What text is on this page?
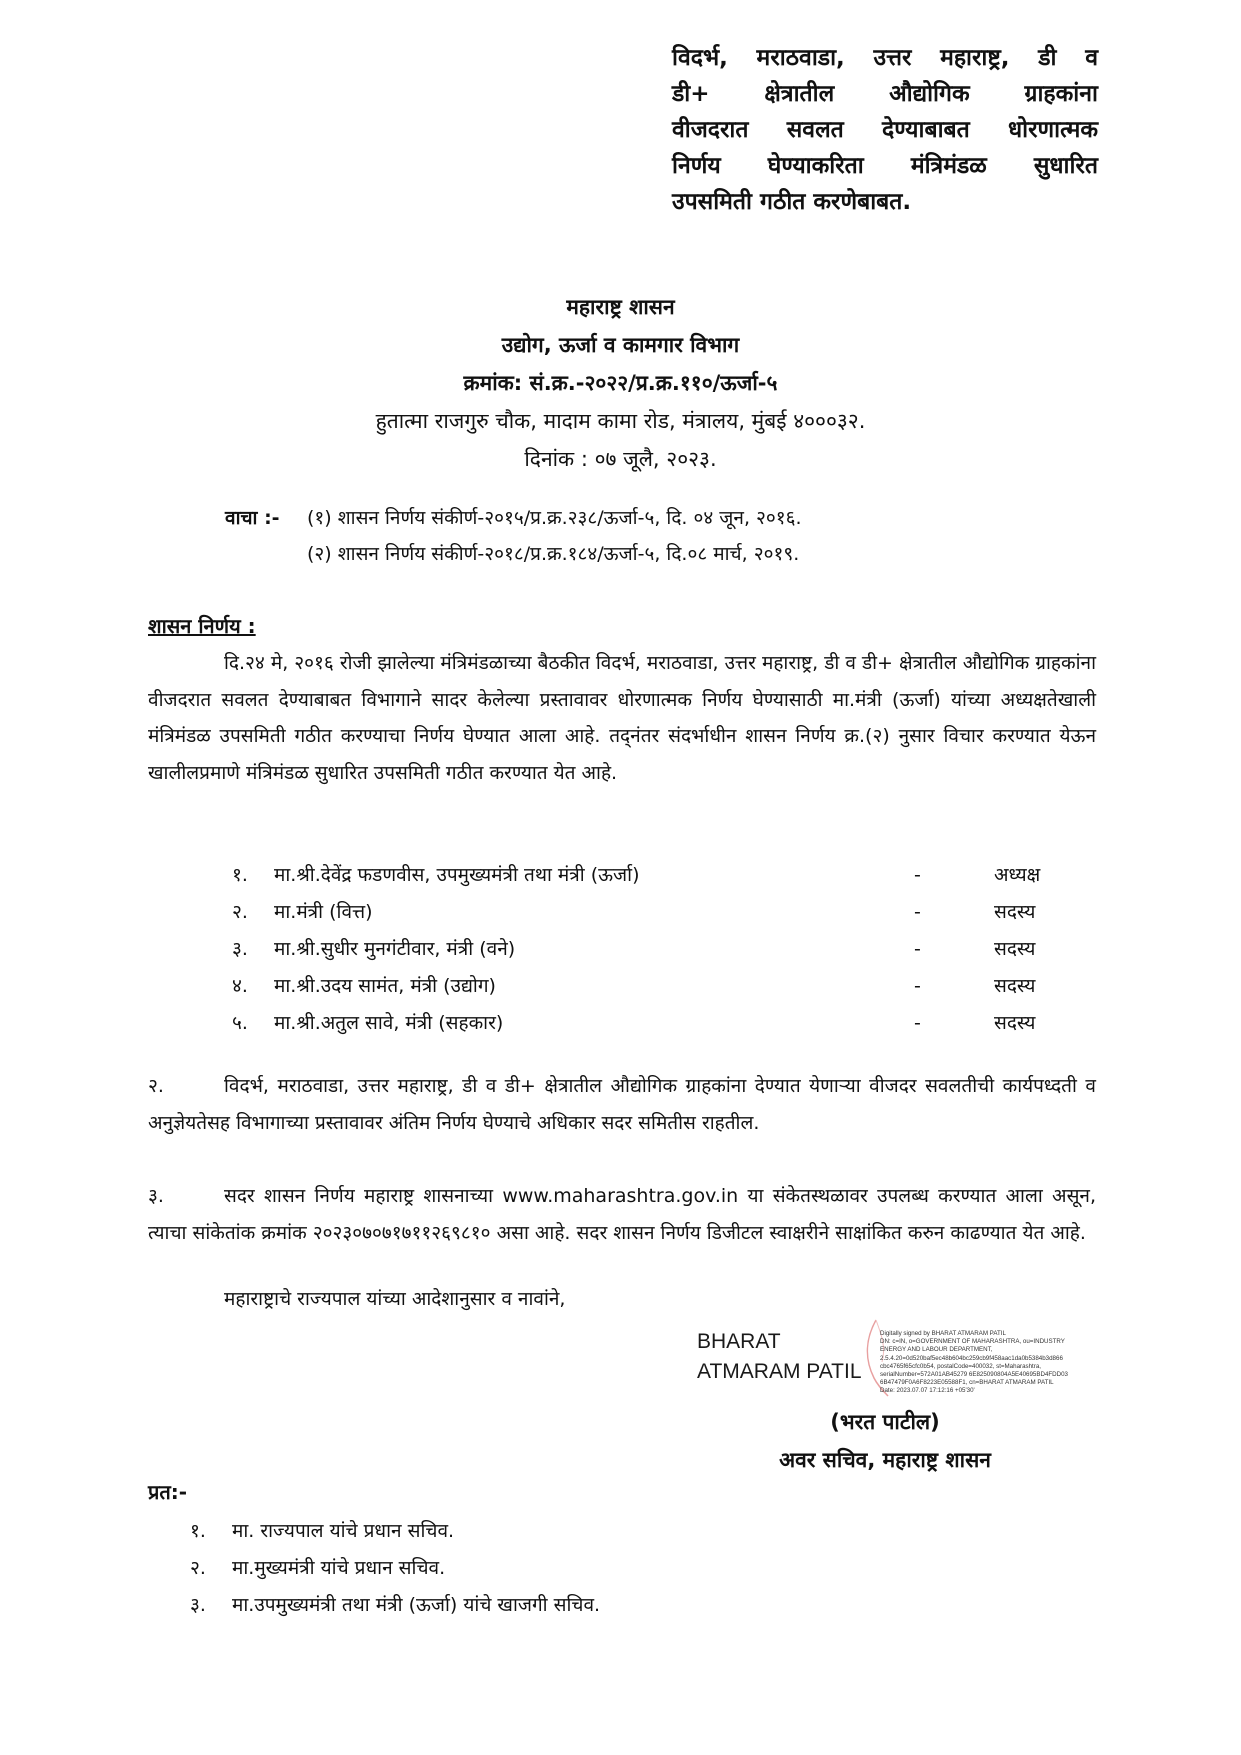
विदर्भ, मराठवाडा, उत्तर महाराष्ट्र, डी व
डी+ क्षेत्रातील औद्योगिक ग्राहकांना
वीजदरात सवलत देण्याबाबत धोरणात्मक
निर्णय घेण्याकरिता मंत्रिमंडळ सुधारित
उपसमिती गठीत करणेबाबत.
महाराष्ट्र शासन
उद्योग, ऊर्जा व कामगार विभाग
क्रमांक: सं.क्र.-२०२२/प्र.क्र.११०/ऊर्जा-५
हुतात्मा राजगुरु चौक, मादाम कामा रोड, मंत्रालय, मुंबई ४०००३२.
दिनांक : ०७ जूलै, २०२३.
वाचा :- (१) शासन निर्णय संकीर्ण-२०१५/प्र.क्र.२३८/ऊर्जा-५, दि. ०४ जून, २०१६.
(२) शासन निर्णय संकीर्ण-२०१८/प्र.क्र.१८४/ऊर्जा-५, दि.०८ मार्च, २०१९.
शासन निर्णय :
दि.२४ मे, २०१६ रोजी झालेल्या मंत्रिमंडळाच्या बैठकीत विदर्भ, मराठवाडा, उत्तर महाराष्ट्र, डी व डी+ क्षेत्रातील औद्योगिक ग्राहकांना वीजदरात सवलत देण्याबाबत विभागाने सादर केलेल्या प्रस्तावावर धोरणात्मक निर्णय घेण्यासाठी मा.मंत्री (ऊर्जा) यांच्या अध्यक्षतेखाली मंत्रिमंडळ उपसमिती गठीत करण्याचा निर्णय घेण्यात आला आहे. तद्नंतर संदर्भाधीन शासन निर्णय क्र.(२) नुसार विचार करण्यात येऊन खालीलप्रमाणे मंत्रिमंडळ सुधारित उपसमिती गठीत करण्यात येत आहे.
१.	मा.श्री.देवेंद्र फडणवीस, उपमुख्यमंत्री तथा मंत्री (ऊर्जा)	-	अध्यक्ष
२.	मा.मंत्री (वित्त)	-	सदस्य
३.	मा.श्री.सुधीर मुनगंटीवार, मंत्री (वने)	-	सदस्य
४.	मा.श्री.उदय सामंत, मंत्री (उद्योग)	-	सदस्य
५.	मा.श्री.अतुल सावे, मंत्री (सहकार)	-	सदस्य
२.	विदर्भ, मराठवाडा, उत्तर महाराष्ट्र, डी व डी+ क्षेत्रातील औद्योगिक ग्राहकांना देण्यात येणाऱ्या वीजदर सवलतीची कार्यपध्दती व अनुज्ञेयतेसह विभागाच्या प्रस्तावावर अंतिम निर्णय घेण्याचे अधिकार सदर समितीस राहतील.
३.	सदर शासन निर्णय महाराष्ट्र शासनाच्या www.maharashtra.gov.in या संकेतस्थळावर उपलब्ध करण्यात आला असून, त्याचा सांकेतांक क्रमांक २०२३०७०७१७११२६९८१० असा आहे. सदर शासन निर्णय डिजीटल स्वाक्षरीने साक्षांकित करुन काढण्यात येत आहे.
महाराष्ट्राचे राज्यपाल यांच्या आदेशानुसार व नावांने,
BHARAT
ATMARAM PATIL
Digitally signed by BHARAT ATMARAM PATIL
DN: c=IN, o=GOVERNMENT OF MAHARASHTRA, ou=INDUSTRY
ENERGY AND LABOUR DEPARTMENT,
2.5.4.20=0d520baf5ec48b604bc259cb9f458aac1da0b5384b3d866
cbc4765f65cfc0b54, postalCode=400032, st=Maharashtra,
serialNumber=572A01AB45279 6E825090804A5E40695BD4FDD03
6B47479F0A6F8223E05588F1, cn=BHARAT ATMARAM PATIL
Date: 2023.07.07 17:12:16 +05'30'
(भरत पाटील)
अवर सचिव, महाराष्ट्र शासन
प्रत:-
१. मा. राज्यपाल यांचे प्रधान सचिव.
२. मा.मुख्यमंत्री यांचे प्रधान सचिव.
३. मा.उपमुख्यमंत्री तथा मंत्री (ऊर्जा) यांचे खाजगी सचिव.
